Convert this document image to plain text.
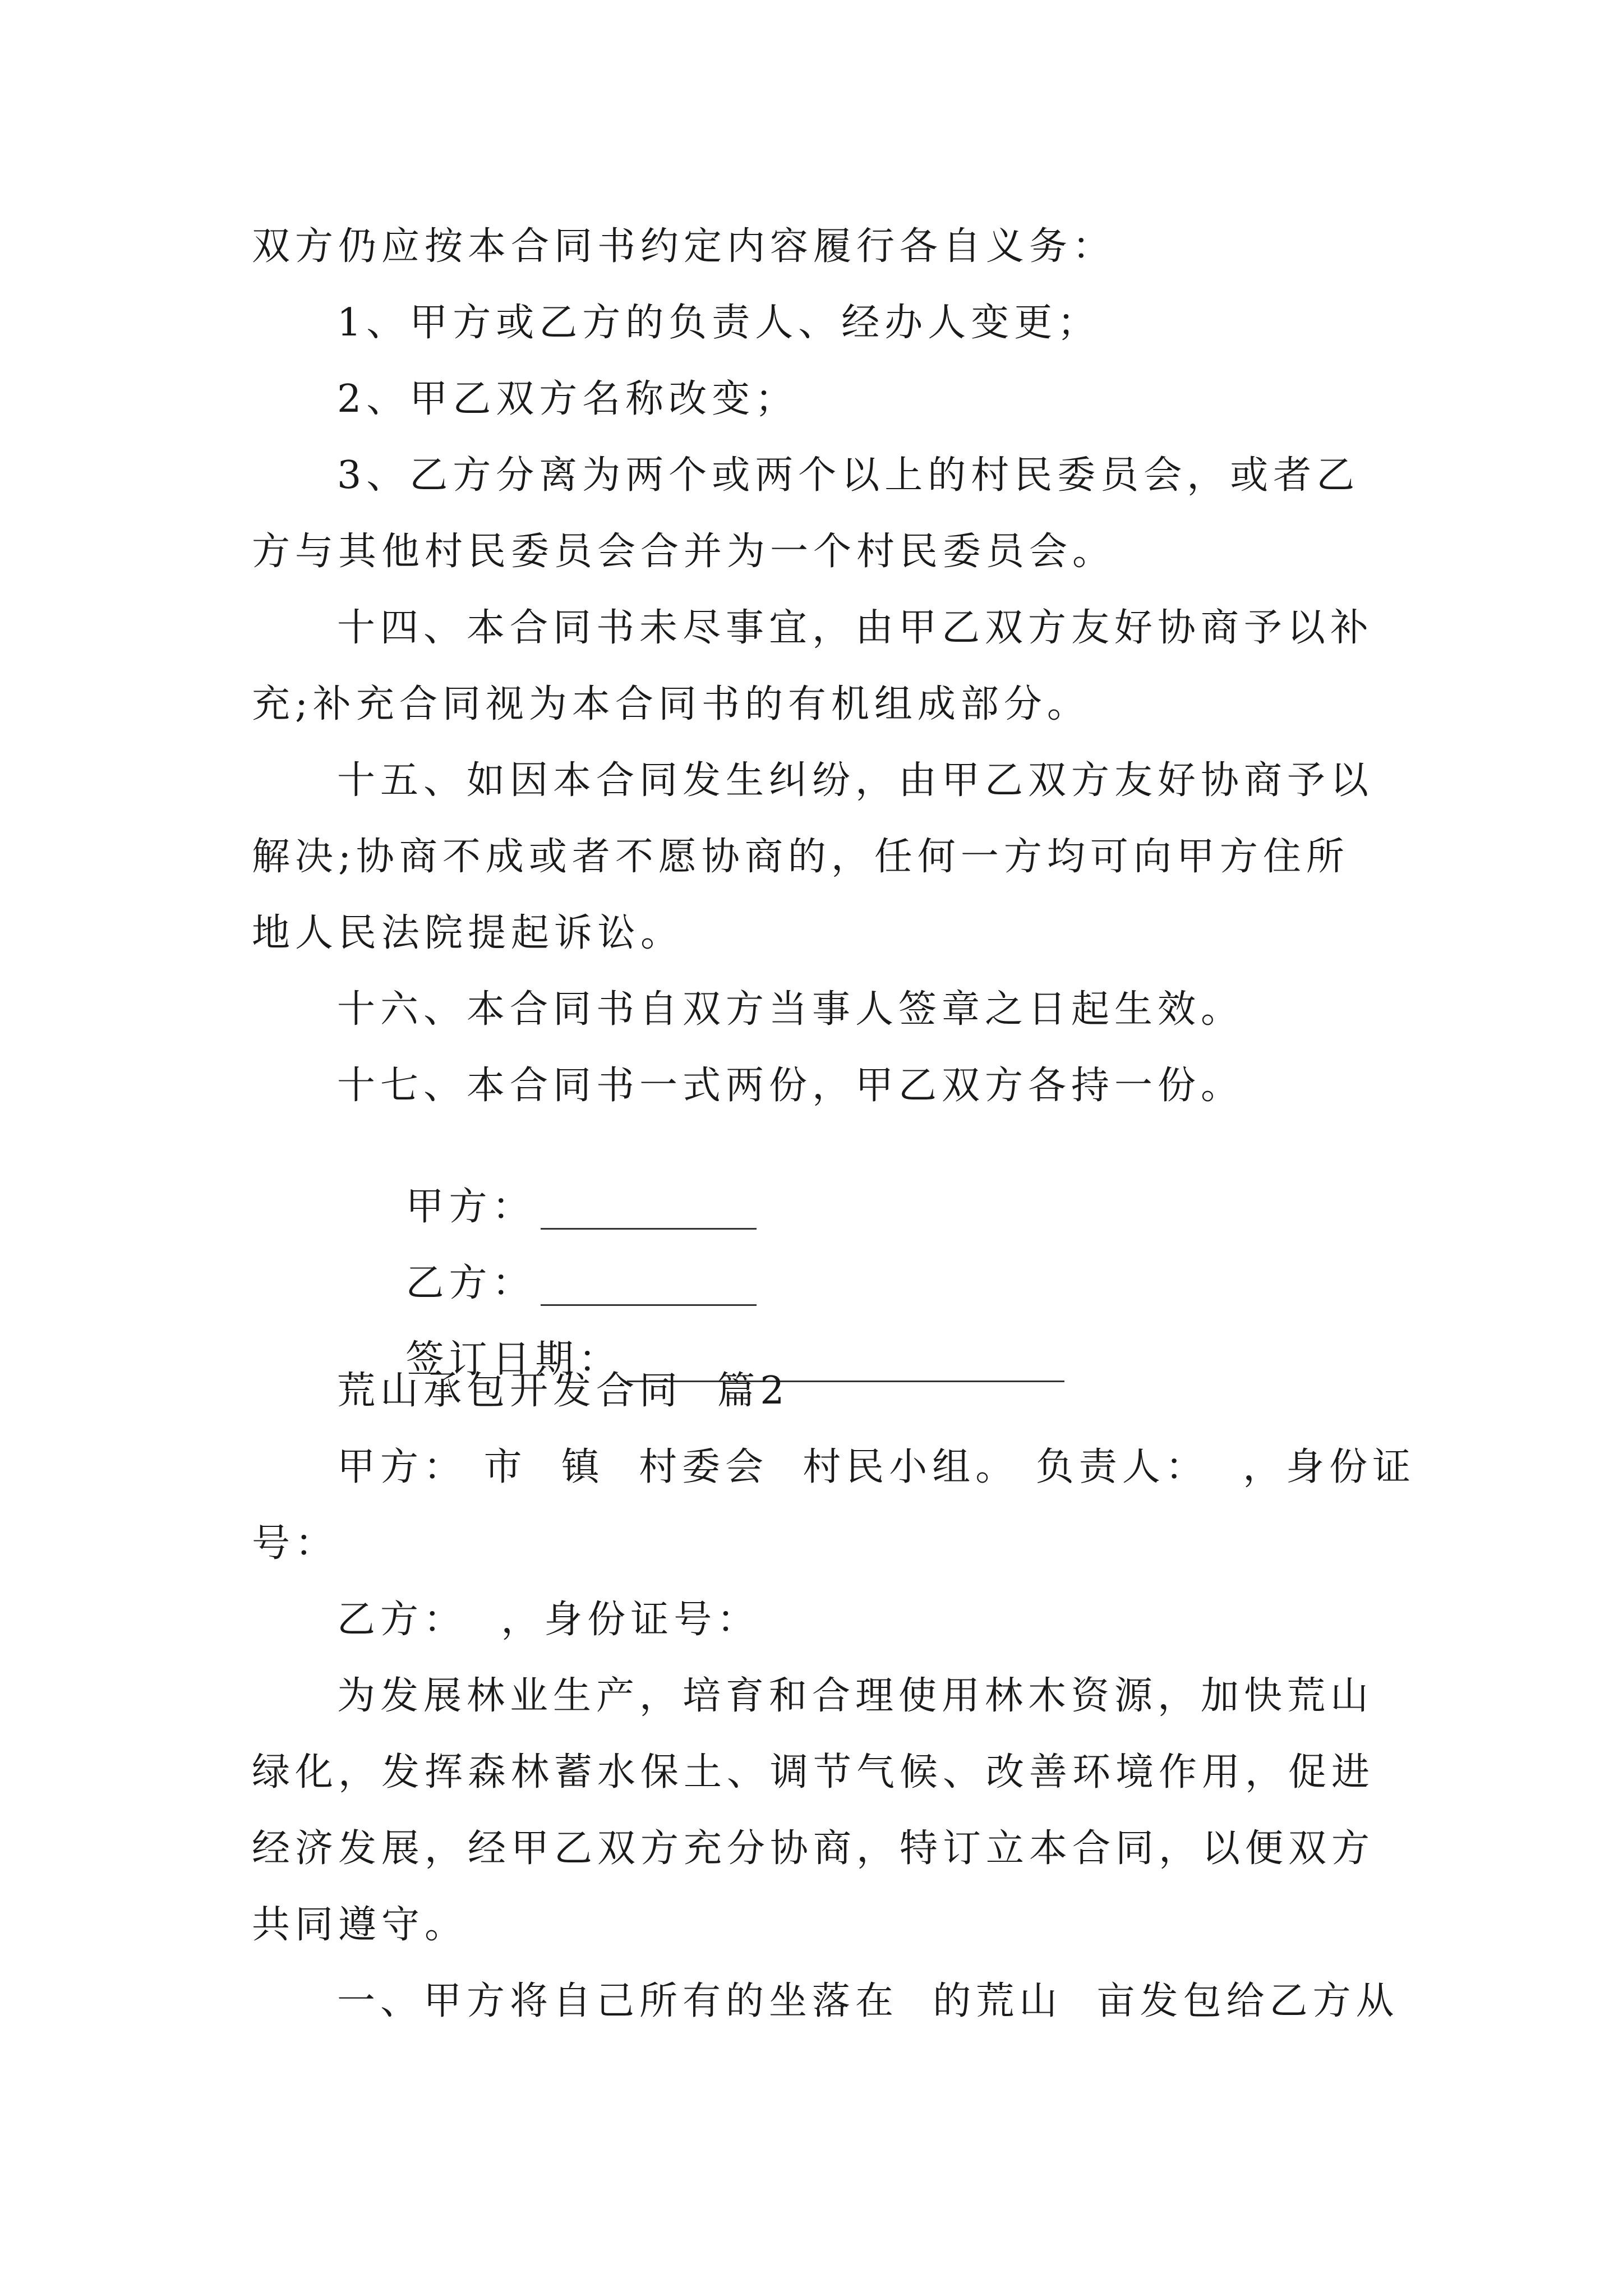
双方仍应按本合同书约定内容履行各自义务：
1、甲方或乙方的负责人、经办人变更；
2、甲乙双方名称改变；
3、乙方分离为两个或两个以上的村民委员会，或者乙
方与其他村民委员会合并为一个村民委员会。
十四、本合同书未尽事宜，由甲乙双方友好协商予以补
充;补充合同视为本合同书的有机组成部分。
十五、如因本合同发生纠纷，由甲乙双方友好协商予以
解决;协商不成或者不愿协商的，任何一方均可向甲方住所
地人民法院提起诉讼。
十六、本合同书自双方当事人签章之日起生效。
十七、本合同书一式两份，甲乙双方各持一份。

甲方：

乙方：

签订日期：

荒山承包开发合同  篇2
甲方： 市  镇  村委会  村民小组。 负责人：  ，身份证
号：
乙方：  ，身份证号：
为发展林业生产，培育和合理使用林木资源，加快荒山
绿化，发挥森林蓄水保土、调节气候、改善环境作用，促进
经济发展，经甲乙双方充分协商，特订立本合同，以便双方
共同遵守。
一、甲方将自己所有的坐落在  的荒山  亩发包给乙方从
